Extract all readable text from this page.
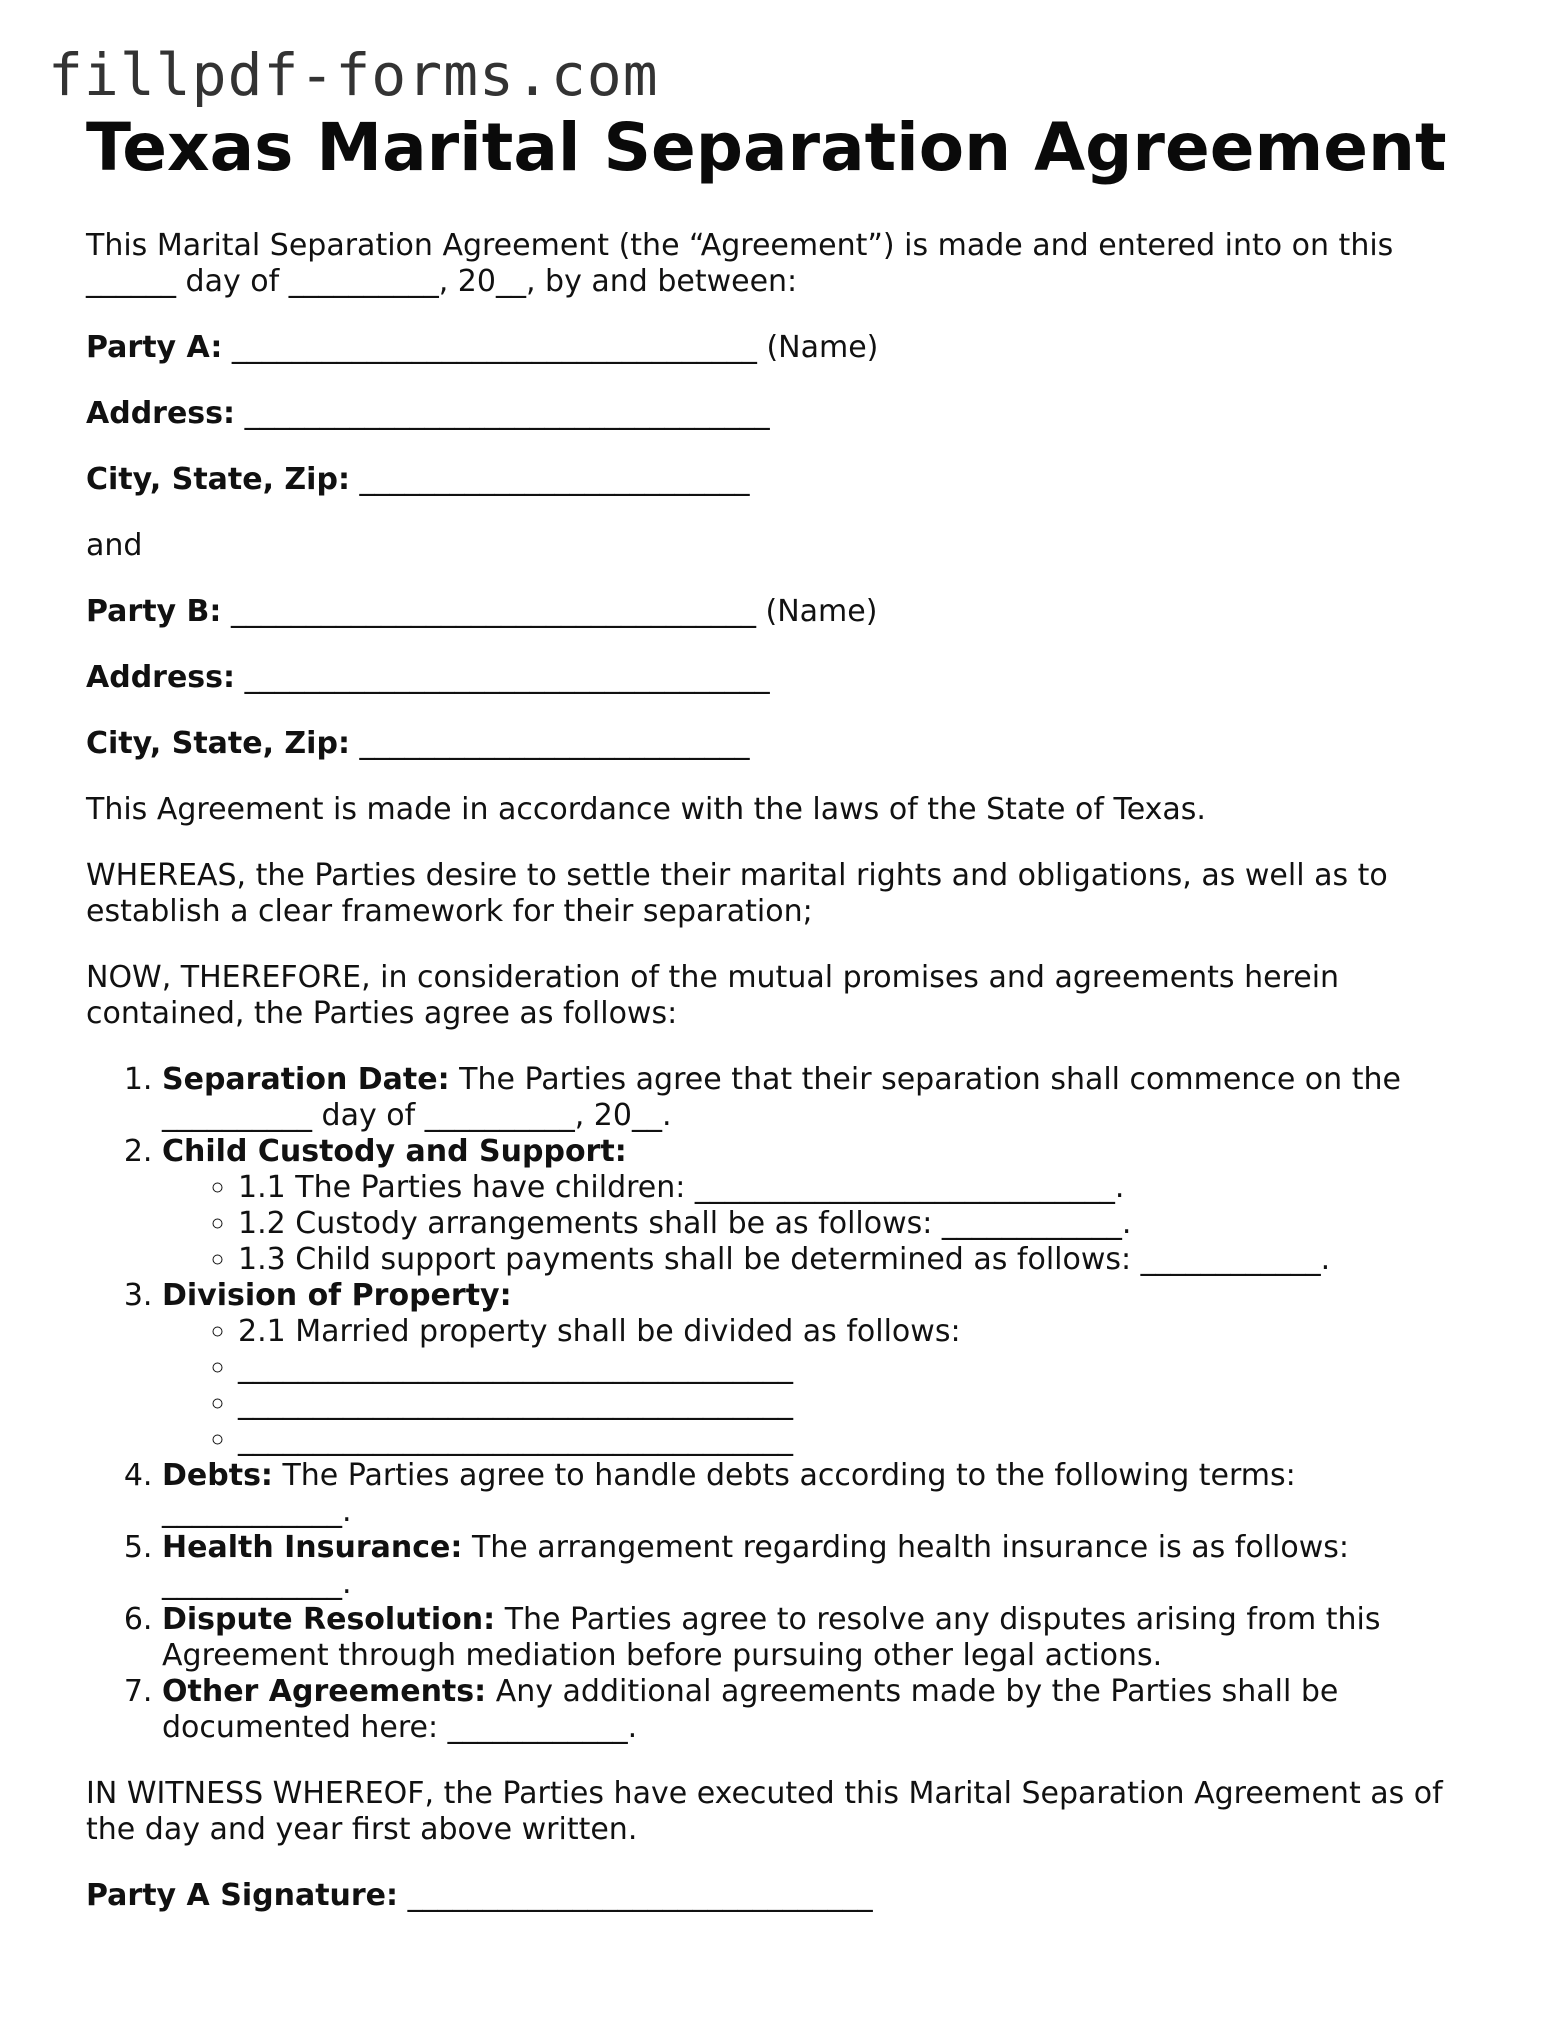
fillpdf-forms.com
Texas Marital Separation Agreement

This Marital Separation Agreement (the “Agreement”) is made and entered into on this
______ day of __________, 20__, by and between:

Party A: ___________________________________ (Name)

Address: ___________________________________

City, State, Zip: __________________________

and

Party B: ___________________________________ (Name)

Address: ___________________________________

City, State, Zip: __________________________

This Agreement is made in accordance with the laws of the State of Texas.

WHEREAS, the Parties desire to settle their marital rights and obligations, as well as to establish a clear framework for their separation;

NOW, THEREFORE, in consideration of the mutual promises and agreements herein contained, the Parties agree as follows:

1. Separation Date: The Parties agree that their separation shall commence on the __________ day of __________, 20__.
2. Child Custody and Support:
◦ 1.1 The Parties have children: ____________________________.
◦ 1.2 Custody arrangements shall be as follows: ____________.
◦ 1.3 Child support payments shall be determined as follows: ____________.
3. Division of Property:
◦ 2.1 Married property shall be divided as follows:
◦ _____________________________________
◦ _____________________________________
◦ _____________________________________
4. Debts: The Parties agree to handle debts according to the following terms: ____________.
5. Health Insurance: The arrangement regarding health insurance is as follows: ____________.
6. Dispute Resolution: The Parties agree to resolve any disputes arising from this Agreement through mediation before pursuing other legal actions.
7. Other Agreements: Any additional agreements made by the Parties shall be documented here: ____________.

IN WITNESS WHEREOF, the Parties have executed this Marital Separation Agreement as of the day and year first above written.

Party A Signature: _______________________________
